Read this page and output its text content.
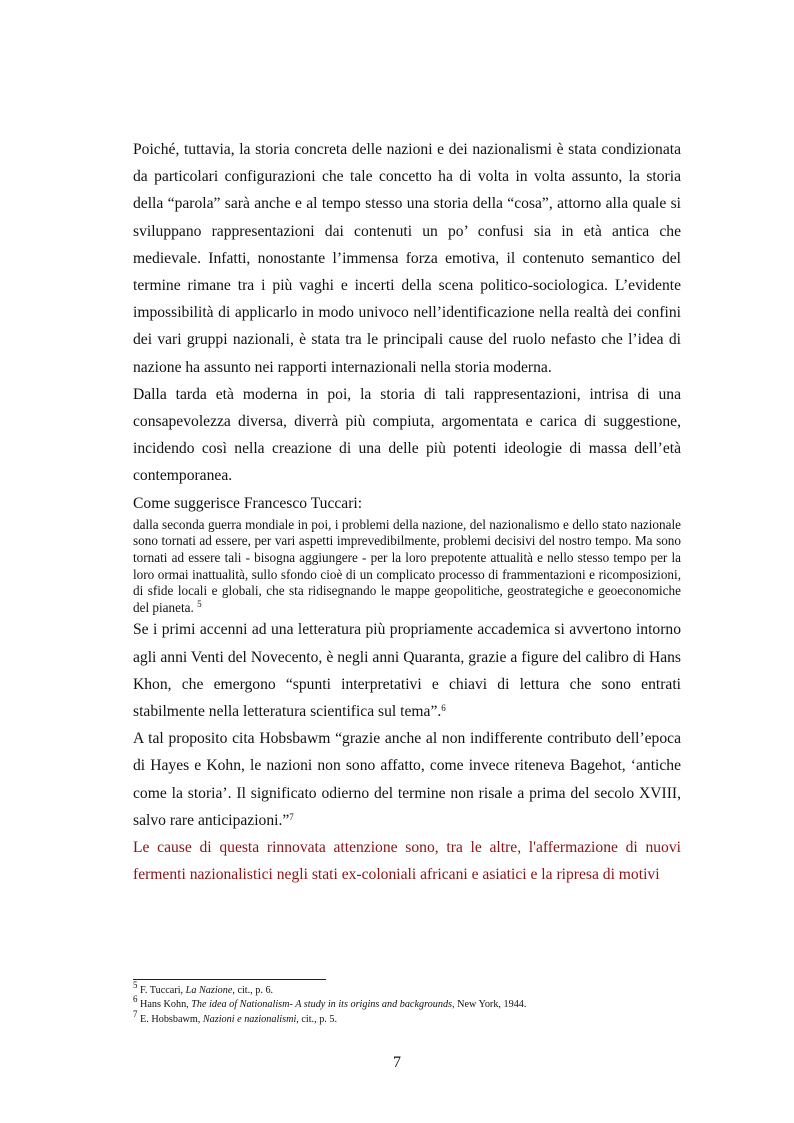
Poiché, tuttavia, la storia concreta delle nazioni e dei nazionalismi è stata condizionata da particolari configurazioni che tale concetto ha di volta in volta assunto, la storia della “parola” sarà anche e al tempo stesso una storia della “cosa”, attorno alla quale si sviluppano rappresentazioni dai contenuti un po’ confusi sia in età antica che medievale. Infatti, nonostante l’immensa forza emotiva, il contenuto semantico del termine rimane tra i più vaghi e incerti della scena politico-sociologica. L’evidente impossibilità di applicarlo in modo univoco nell’identificazione nella realtà dei confini dei vari gruppi nazionali, è stata tra le principali cause del ruolo nefasto che l’idea di nazione ha assunto nei rapporti internazionali nella storia moderna.

Dalla tarda età moderna in poi, la storia di tali rappresentazioni, intrisa di una consapevolezza diversa, diverrà più compiuta, argomentata e carica di suggestione, incidendo così nella creazione di una delle più potenti ideologie di massa dell’età contemporanea.

Come suggerisce Francesco Tuccari:

dalla seconda guerra mondiale in poi, i problemi della nazione, del nazionalismo e dello stato nazionale sono tornati ad essere, per vari aspetti imprevedibilmente, problemi decisivi del nostro tempo. Ma sono tornati ad essere tali - bisogna aggiungere - per la loro prepotente attualità e nello stesso tempo per la loro ormai inattualità, sullo sfondo cioè di un complicato processo di frammentazioni e ricomposizioni, di sfide locali e globali, che sta ridisegnando le mappe geopolitiche, geostrategiche e geoeconomiche del pianeta. $^5$

Se i primi accenni ad una letteratura più propriamente accademica si avvertono intorno agli anni Venti del Novecento, è negli anni Quaranta, grazie a figure del calibro di Hans Khon, che emergono “spunti interpretativi e chiavi di lettura che sono entrati stabilmente nella letteratura scientifica sul tema”.$^6$

A tal proposito cita Hobsbawm “grazie anche al non indifferente contributo dell’epoca di Hayes e Kohn, le nazioni non sono affatto, come invece riteneva Bagehot, ‘antiche come la storia’. Il significato odierno del termine non risale a prima del secolo XVIII, salvo rare anticipazioni.”$^7$

Le cause di questa rinnovata attenzione sono, tra le altre, l'affermazione di nuovi fermenti nazionalistici negli stati ex-coloniali africani e asiatici e la ripresa di motivi

$^5$ F. Tuccari, La Nazione, cit., p. 6.
$^6$ Hans Kohn, The idea of Nationalism- A study in its origins and backgrounds, New York, 1944.
$^7$ E. Hobsbawm, Nazioni e nazionalismi, cit., p. 5.
7
